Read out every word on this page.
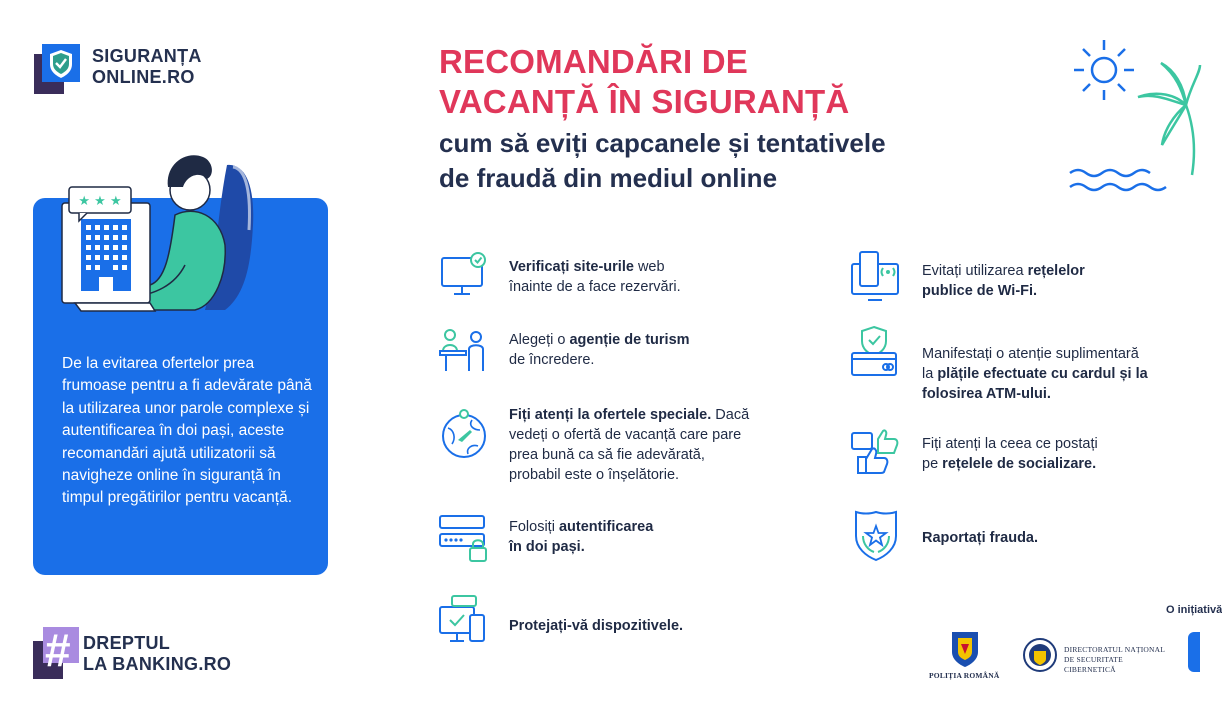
SIGURANȚA
ONLINE.RO
★ ★ ★
De la evitarea ofertelor prea frumoase pentru a fi adevărate până la utilizarea unor parole complexe și autentificarea în doi pași, aceste recomandări ajută utilizatorii să navigheze online în siguranță în timpul pregătirilor pentru vacanță.
# DREPTUL
LA BANKING.RO
RECOMANDĂRI DE
VACANȚĂ ÎN SIGURANȚĂ
cum să eviți capcanele și tentativele
de fraudă din mediul online
Verificați site-urile web
înainte de a face rezervări.
Alegeți o agenție de turism
de încredere.
Fiți atenți la ofertele speciale. Dacă
vedeți o ofertă de vacanță care pare
prea bună ca să fie adevărată,
probabil este o înșelătorie.
Folosiți autentificarea
în doi pași.
Protejați-vă dispozitivele.
Evitați utilizarea rețelelor
publice de Wi-Fi.
Manifestați o atenție suplimentară
la plățile efectuate cu cardul și la
folosirea ATM-ului.
Fiți atenți la ceea ce postați
pe rețelele de socializare.
Raportați frauda.
O inițiativă
POLIȚIA ROMÂNĂ
DIRECTORATUL NAȚIONAL
DE SECURITATE CIBERNETICĂ
